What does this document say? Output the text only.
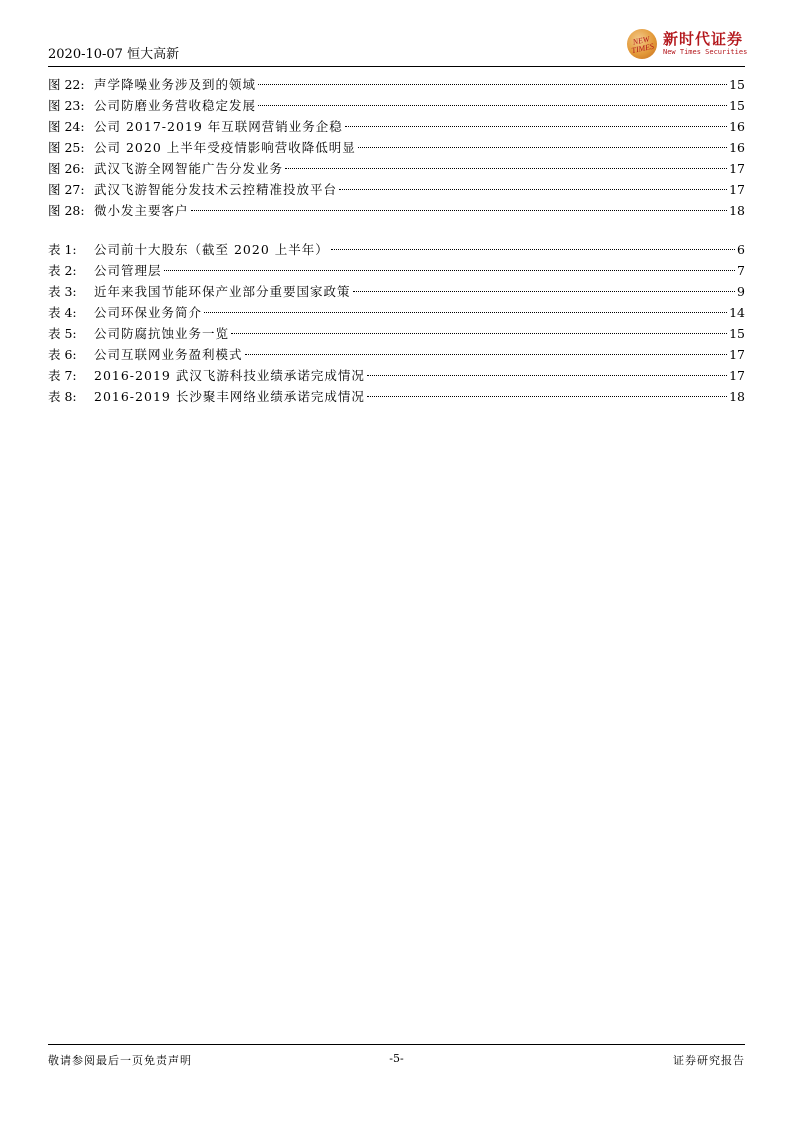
2020-10-07 恒大高新
NEW TIMES
新时代证券
New Times Securities
图 22: 声学降噪业务涉及到的领域	15
图 23: 公司防磨业务营收稳定发展	15
图 24: 公司 2017-2019 年互联网营销业务企稳	16
图 25: 公司 2020 上半年受疫情影响营收降低明显	16
图 26: 武汉飞游全网智能广告分发业务	17
图 27: 武汉飞游智能分发技术云控精准投放平台	17
图 28: 微小发主要客户	18
表 1:	公司前十大股东（截至 2020 上半年）	6
表 2:	公司管理层	7
表 3:	近年来我国节能环保产业部分重要国家政策	9
表 4:	公司环保业务简介	14
表 5:	公司防腐抗蚀业务一览	15
表 6:	公司互联网业务盈利模式	17
表 7:	2016-2019 武汉飞游科技业绩承诺完成情况	17
表 8:	2016-2019 长沙聚丰网络业绩承诺完成情况	18
敬请参阅最后一页免责声明	-5-	证券研究报告
